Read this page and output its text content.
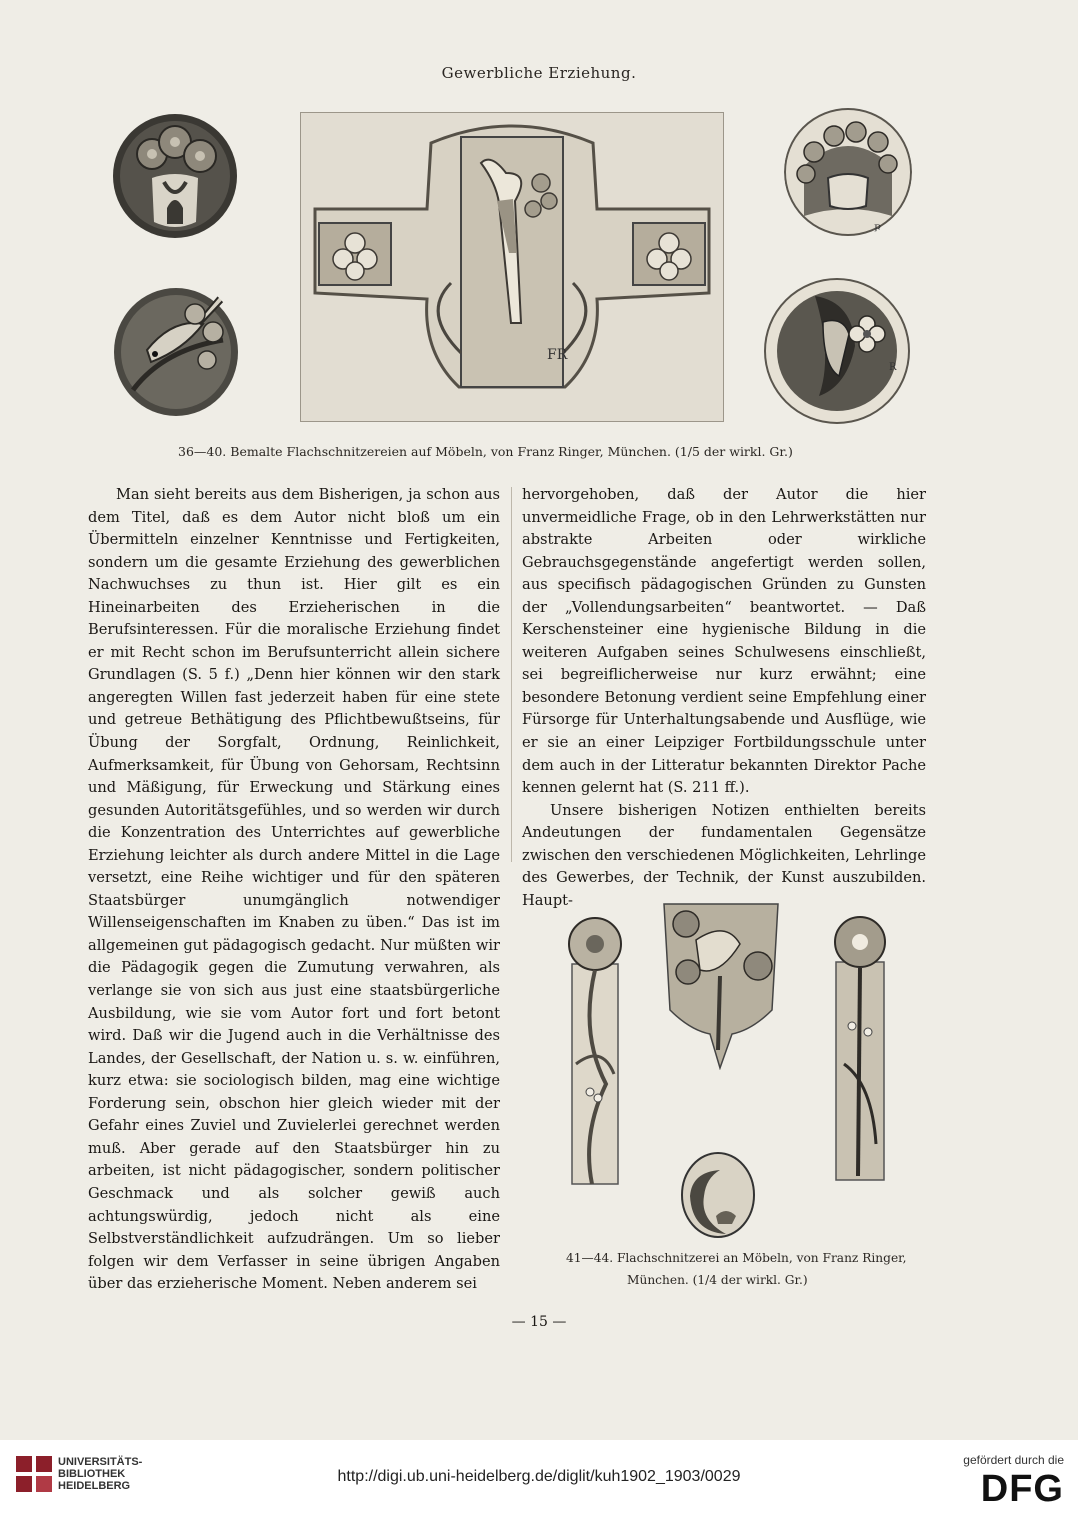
Gewerbliche Erziehung.
FR
R
R
36—40. Bemalte Flachschnitzereien auf Möbeln, von Franz Ringer, München. (1/5 der wirkl. Gr.)

Man sieht bereits aus dem Bisherigen, ja schon aus dem Titel, daß es dem Autor nicht bloß um ein Übermitteln einzelner Kenntnisse und Fertigkeiten, sondern um die gesamte Erziehung des gewerblichen Nachwuchses zu thun ist. Hier gilt es ein Hineinarbeiten des Erzieherischen in die Berufsinteressen. Für die moralische Erziehung findet er mit Recht schon im Berufsunterricht allein sichere Grundlagen (S. 5 f.) „Denn hier können wir den stark angeregten Willen fast jederzeit haben für eine stete und getreue Bethätigung des Pflichtbewußtseins, für Übung der Sorgfalt, Ordnung, Reinlichkeit, Aufmerksamkeit, für Übung von Gehorsam, Rechtsinn und Mäßigung, für Erweckung und Stärkung eines gesunden Autoritätsgefühles, und so werden wir durch die Konzentration des Unterrichtes auf gewerbliche Erziehung leichter als durch andere Mittel in die Lage versetzt, eine Reihe wichtiger und für den späteren Staatsbürger unumgänglich notwendiger Willenseigenschaften im Knaben zu üben.“ Das ist im allgemeinen gut pädagogisch gedacht. Nur müßten wir die Pädagogik gegen die Zumutung verwahren, als verlange sie von sich aus just eine staatsbürgerliche Ausbildung, wie sie vom Autor fort und fort betont wird. Daß wir die Jugend auch in die Verhältnisse des Landes, der Gesellschaft, der Nation u. s. w. einführen, kurz etwa: sie sociologisch bilden, mag eine wichtige Forderung sein, obschon hier gleich wieder mit der Gefahr eines Zuviel und Zuvielerlei gerechnet werden muß. Aber gerade auf den Staatsbürger hin zu arbeiten, ist nicht pädagogischer, sondern politischer Geschmack und als solcher gewiß auch achtungswürdig, jedoch nicht als eine Selbstverständlichkeit aufzudrängen. Um so lieber folgen wir dem Verfasser in seine übrigen Angaben über das erzieherische Moment. Neben anderem sei

hervorgehoben, daß der Autor die hier unvermeidliche Frage, ob in den Lehrwerkstätten nur abstrakte Arbeiten oder wirkliche Gebrauchsgegenstände angefertigt werden sollen, aus specifisch pädagogischen Gründen zu Gunsten der „Vollendungsarbeiten“ beantwortet. — Daß Kerschensteiner eine hygienische Bildung in die weiteren Aufgaben seines Schulwesens einschließt, sei begreiflicherweise nur kurz erwähnt; eine besondere Betonung verdient seine Empfehlung einer Fürsorge für Unterhaltungsabende und Ausflüge, wie er sie an einer Leipziger Fortbildungsschule unter dem auch in der Litteratur bekannten Direktor Pache kennen gelernt hat (S. 211 ff.).

Unsere bisherigen Notizen enthielten bereits Andeutungen der fundamentalen Gegensätze zwischen den verschiedenen Möglichkeiten, Lehrlinge des Gewerbes, der Technik, der Kunst auszubilden. Haupt-

41—44. Flachschnitzerei an Möbeln, von Franz Ringer,
München. (1/4 der wirkl. Gr.)
— 15 —
UNIVERSITÄTS-
BIBLIOTHEK
HEIDELBERG
http://digi.ub.uni-heidelberg.de/diglit/kuh1902_1903/0029
gefördert durch die
DFG
